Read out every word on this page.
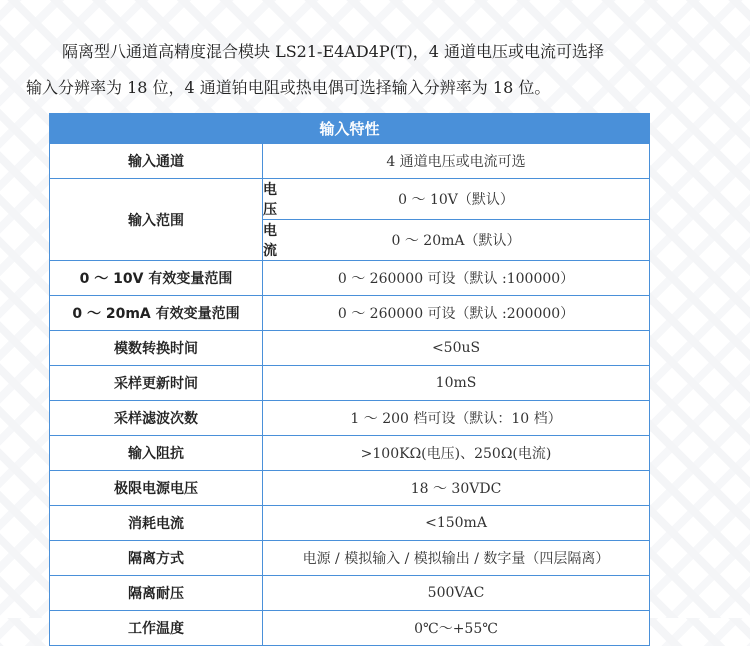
隔离型八通道高精度混合模块 LS21-E4AD4P(T)，4 通道电压或电流可选择
输入分辨率为 18 位，4 通道铂电阻或热电偶可选择输入分辨率为 18 位。
输入特性	
输入通道	4 通道电压或电流可选
输入范围	电压	0 ～ 10V（默认）
	电流	0 ～ 20mA（默认）
0 ～ 10V 有效变量范围	0 ～ 260000 可设（默认 :100000）
0 ～ 20mA 有效变量范围	0 ～ 260000 可设（默认 :200000）
模数转换时间	<50uS
采样更新时间	10mS
采样滤波次数	1 ～ 200 档可设（默认：10 档）
输入阻抗	>100KΩ(电压)、250Ω(电流)
极限电源电压	18 ～ 30VDC
消耗电流	<150mA
隔离方式	电源 / 模拟输入 / 模拟输出 / 数字量（四层隔离）
隔离耐压	500VAC
工作温度	0℃～+55℃
